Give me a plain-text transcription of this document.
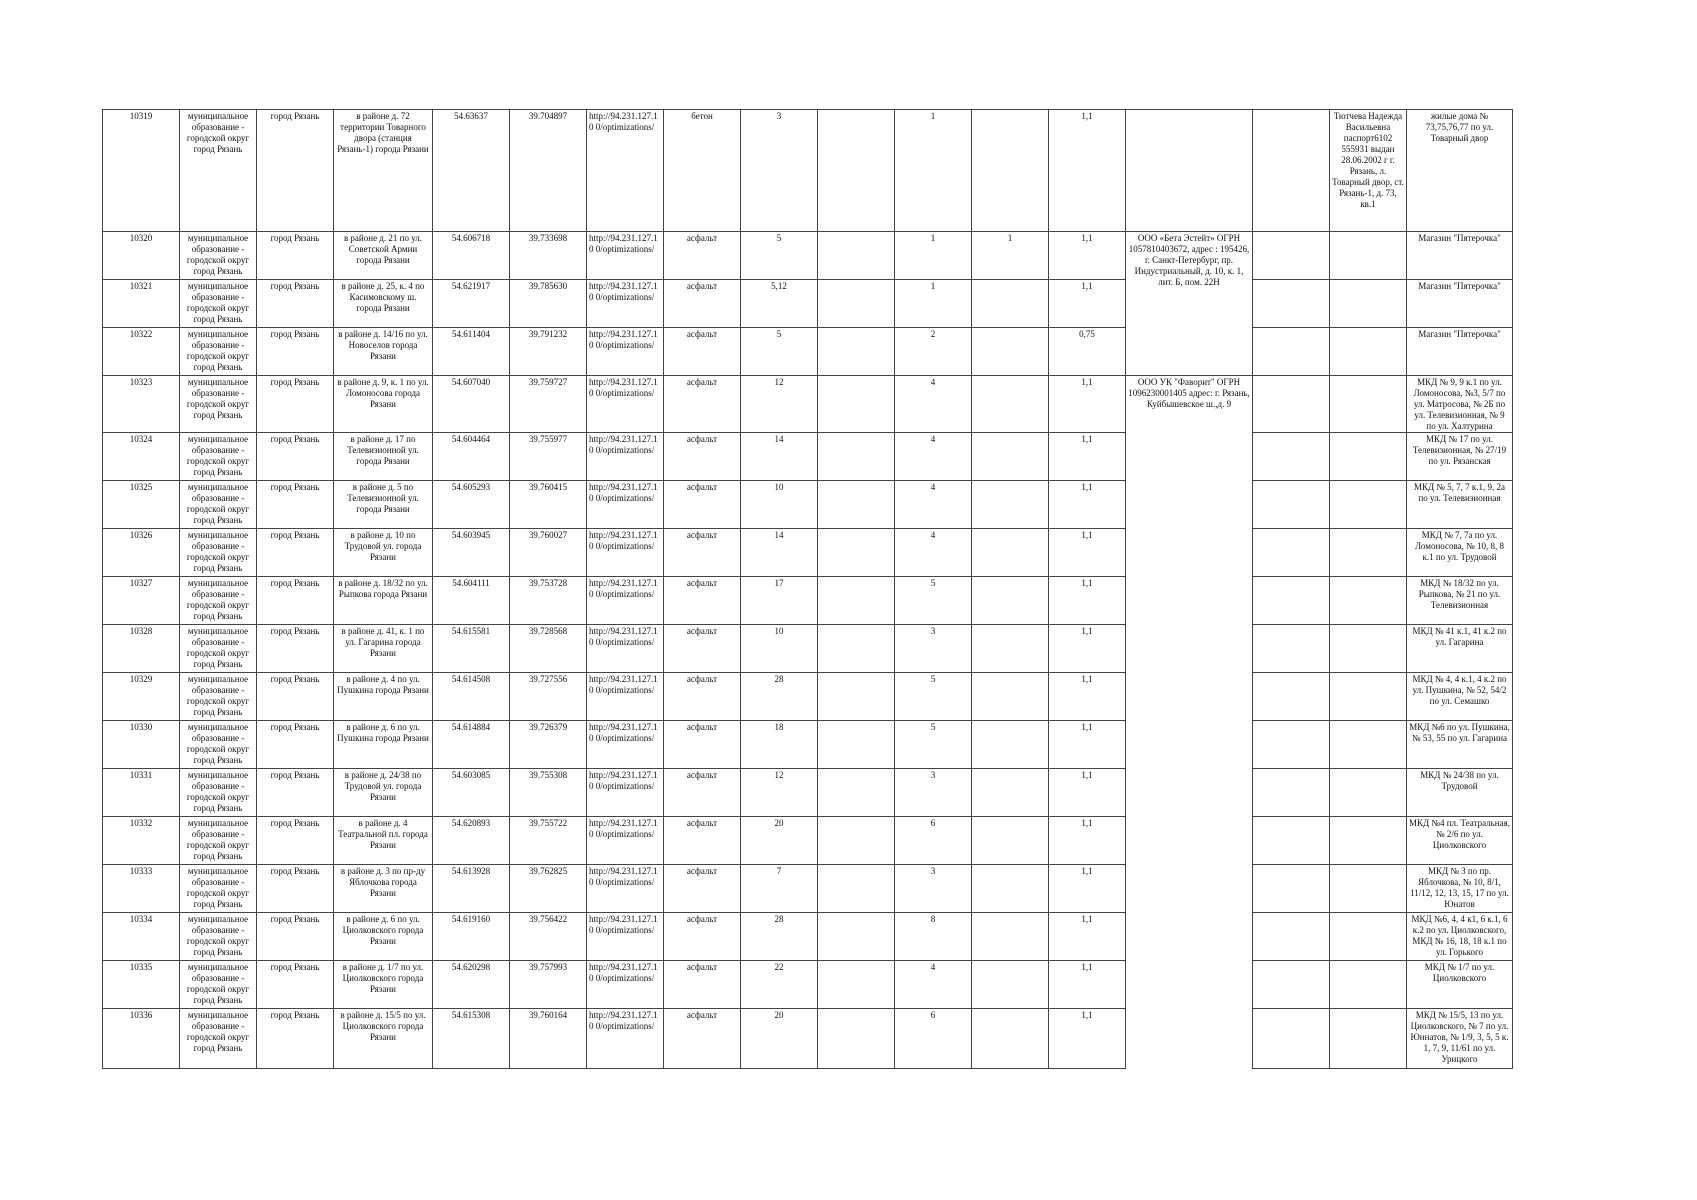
10319	муниципальное образование - городской округ город Рязань	город Рязань	в районе д. 72 территории Товарного двора (станция Рязань-1) города Рязани	54.63637	39.704897	http://94.231.127.10 0/optimizations/	бетон	3		1		1,1			Тютчева Надежда Васильевна паспорт6102 555931 выдан 28.06.2002 г г. Рязань, л. Товарный двор, ст. Рязань-1, д. 73, кв.1	жилые дома № 73,75,76,77 по ул. Товарный двор
10320	муниципальное образование - городской округ город Рязань	город Рязань	в районе д. 21 по ул. Советской Армии города Рязани	54.606718	39.733698	http://94.231.127.10 0/optimizations/	асфальт	5		1	1	1,1	ООО «Бета Эстейт» ОГРН 1057810403672, адрес : 195426, г. Санкт-Петербург, пр. Индустриальный, д. 10, к. 1, лит. Б, пом. 22Н			Магазин "Пятерочка"
10321	муниципальное образование - городской округ город Рязань	город Рязань	в районе д. 25, к. 4 по Касимовскому ш. города Рязани	54.621917	39.785630	http://94.231.127.10 0/optimizations/	асфальт	5,12		1		1,1				Магазин "Пятерочка"
10322	муниципальное образование - городской округ город Рязань	город Рязань	в районе д. 14/16 по ул. Новоселов города Рязани	54.611404	39.791232	http://94.231.127.10 0/optimizations/	асфальт	5		2		0,75				Магазин "Пятерочка"
10323	муниципальное образование - городской округ город Рязань	город Рязань	в районе д. 9, к. 1 по ул. Ломоносова города Рязани	54.607040	39.759727	http://94.231.127.10 0/optimizations/	асфальт	12		4		1,1	ООО УК "Фаворит" ОГРН 1096230001405 адрес: г. Рязань, Куйбышевское ш.,д. 9			МКД № 9, 9 к.1 по ул. Ломоносова, №3, 5/7 по ул. Матросова, № 2Б по ул. Телевизионная, № 9 по ул. Халтурина
10324	муниципальное образование - городской округ город Рязань	город Рязань	в районе д. 17 по Телевизионной ул. города Рязани	54.604464	39.755977	http://94.231.127.10 0/optimizations/	асфальт	14		4		1,1				МКД № 17 по ул. Телевизионная, № 27/19 по ул. Рязанская
10325	муниципальное образование - городской округ город Рязань	город Рязань	в районе д. 5 по Телевизионной ул. города Рязани	54.605293	39.760415	http://94.231.127.10 0/optimizations/	асфальт	10		4		1,1				МКД № 5, 7, 7 к.1, 9, 2а по ул. Телевизионная
10326	муниципальное образование - городской округ город Рязань	город Рязань	в районе д. 10 по Трудовой ул. города Рязани	54.603945	39.760027	http://94.231.127.10 0/optimizations/	асфальт	14		4		1,1				МКД № 7, 7а по ул. Ломоносова, № 10, 8, 8 к.1 по ул. Трудовой
10327	муниципальное образование - городской округ город Рязань	город Рязань	в районе д. 18/32 по ул. Рыпкова города Рязани	54.604111	39.753728	http://94.231.127.10 0/optimizations/	асфальт	17		5		1,1				МКД № 18/32 по ул. Рыпкова, № 21 по ул. Телевизионная
10328	муниципальное образование - городской округ город Рязань	город Рязань	в районе д. 41, к. 1 по ул. Гагарина города Рязани	54.615581	39.728568	http://94.231.127.10 0/optimizations/	асфальт	10		3		1,1				МКД № 41 к.1, 41 к.2 по ул. Гагарина
10329	муниципальное образование - городской округ город Рязань	город Рязань	в районе д. 4 по ул. Пушкина города Рязани	54.614508	39.727556	http://94.231.127.10 0/optimizations/	асфальт	28		5		1,1				МКД № 4, 4 к.1, 4 к.2 по ул. Пушкина, № 52, 54/2 по ул. Семашко
10330	муниципальное образование - городской округ город Рязань	город Рязань	в районе д. 6 по ул. Пушкина города Рязани	54.614884	39.726379	http://94.231.127.10 0/optimizations/	асфальт	18		5		1,1				МКД №6 по ул. Пушкина, № 53, 55 по ул. Гагарина
10331	муниципальное образование - городской округ город Рязань	город Рязань	в районе д. 24/38 по Трудовой ул. города Рязани	54.603085	39.755308	http://94.231.127.10 0/optimizations/	асфальт	12		3		1,1				МКД № 24/38 по ул. Трудовой
10332	муниципальное образование - городской округ город Рязань	город Рязань	в районе д. 4 Театральной пл. города Рязани	54.620893	39.755722	http://94.231.127.10 0/optimizations/	асфальт	20		6		1,1				МКД №4 пл. Театральная, № 2/6 по ул. Циолковского
10333	муниципальное образование - городской округ город Рязань	город Рязань	в районе д. 3 по пр-ду Яблочкова города Рязани	54.613928	39.762825	http://94.231.127.10 0/optimizations/	асфальт	7		3		1,1				МКД № 3 по пр. Яблочкова, № 10, 8/1, 11/12, 12, 13, 15, 17 по ул. Юнатов
10334	муниципальное образование - городской округ город Рязань	город Рязань	в районе д. 6 по ул. Циолковского города Рязани	54.619160	39.756422	http://94.231.127.10 0/optimizations/	асфальт	28		8		1,1				МКД №6, 4, 4 к1, 6 к.1, 6 к.2 по ул. Циолковского, МКД № 16, 18, 18 к.1 по ул. Горького
10335	муниципальное образование - городской округ город Рязань	город Рязань	в районе д. 1/7 по ул. Циолковского города Рязани	54.620298	39.757993	http://94.231.127.10 0/optimizations/	асфальт	22		4		1,1				МКД № 1/7 по ул. Циолковского
10336	муниципальное образование - городской округ город Рязань	город Рязань	в районе д. 15/5 по ул. Циолковского города Рязани	54.615308	39.760164	http://94.231.127.10 0/optimizations/	асфальт	20		6		1,1				МКД № 15/5, 13 по ул. Циолковского, № 7 по ул. Юннатов, № 1/9, 3, 5, 5 к. 1, 7, 9, 11/61 по ул. Урицкого
